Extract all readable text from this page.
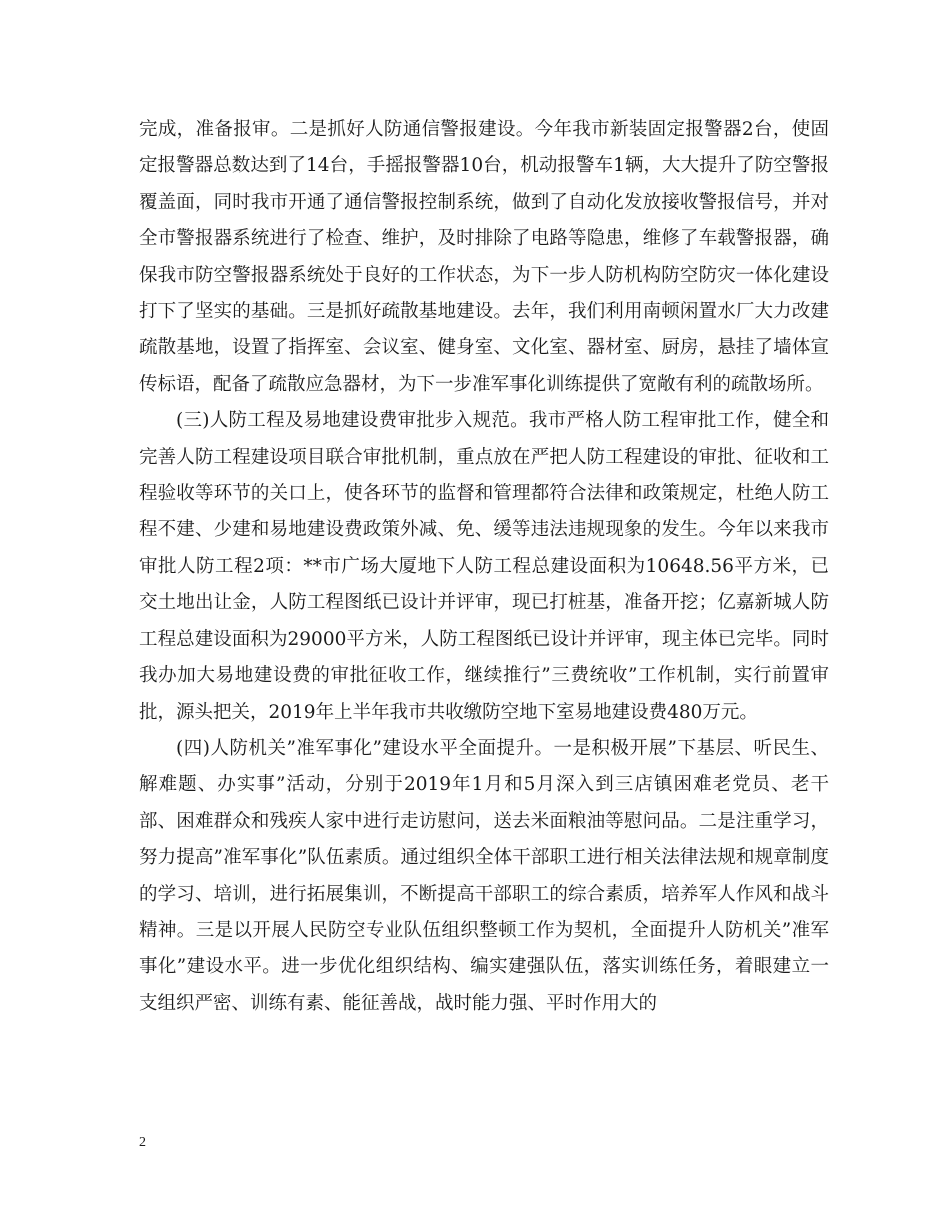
完成，准备报审。二是抓好人防通信警报建设。今年我市新装固定报警器2台，使固定报警器总数达到了14台，手摇报警器10台，机动报警车1辆，大大提升了防空警报覆盖面，同时我市开通了通信警报控制系统，做到了自动化发放接收警报信号，并对全市警报器系统进行了检查、维护，及时排除了电路等隐患，维修了车载警报器，确保我市防空警报器系统处于良好的工作状态，为下一步人防机构防空防灾一体化建设打下了坚实的基础。三是抓好疏散基地建设。去年，我们利用南顿闲置水厂大力改建疏散基地，设置了指挥室、会议室、健身室、文化室、器材室、厨房，悬挂了墙体宣传标语，配备了疏散应急器材，为下一步准军事化训练提供了宽敞有利的疏散场所。

(三)人防工程及易地建设费审批步入规范。我市严格人防工程审批工作，健全和完善人防工程建设项目联合审批机制，重点放在严把人防工程建设的审批、征收和工程验收等环节的关口上，使各环节的监督和管理都符合法律和政策规定，杜绝人防工程不建、少建和易地建设费政策外减、免、缓等违法违规现象的发生。今年以来我市审批人防工程2项：**市广场大厦地下人防工程总建设面积为10648.56平方米，已交土地出让金，人防工程图纸已设计并评审，现已打桩基，准备开挖；亿嘉新城人防工程总建设面积为29000平方米，人防工程图纸已设计并评审，现主体已完毕。同时我办加大易地建设费的审批征收工作，继续推行”三费统收”工作机制，实行前置审批，源头把关，2019年上半年我市共收缴防空地下室易地建设费480万元。

(四)人防机关”准军事化”建设水平全面提升。一是积极开展”下基层、听民生、解难题、办实事”活动，分别于2019年1月和5月深入到三店镇困难老党员、老干部、困难群众和残疾人家中进行走访慰问，送去米面粮油等慰问品。二是注重学习，努力提高”准军事化”队伍素质。通过组织全体干部职工进行相关法律法规和规章制度的学习、培训，进行拓展集训，不断提高干部职工的综合素质，培养军人作风和战斗精神。三是以开展人民防空专业队伍组织整顿工作为契机，全面提升人防机关”准军事化”建设水平。进一步优化组织结构、编实建强队伍，落实训练任务，着眼建立一支组织严密、训练有素、能征善战，战时能力强、平时作用大的

2
